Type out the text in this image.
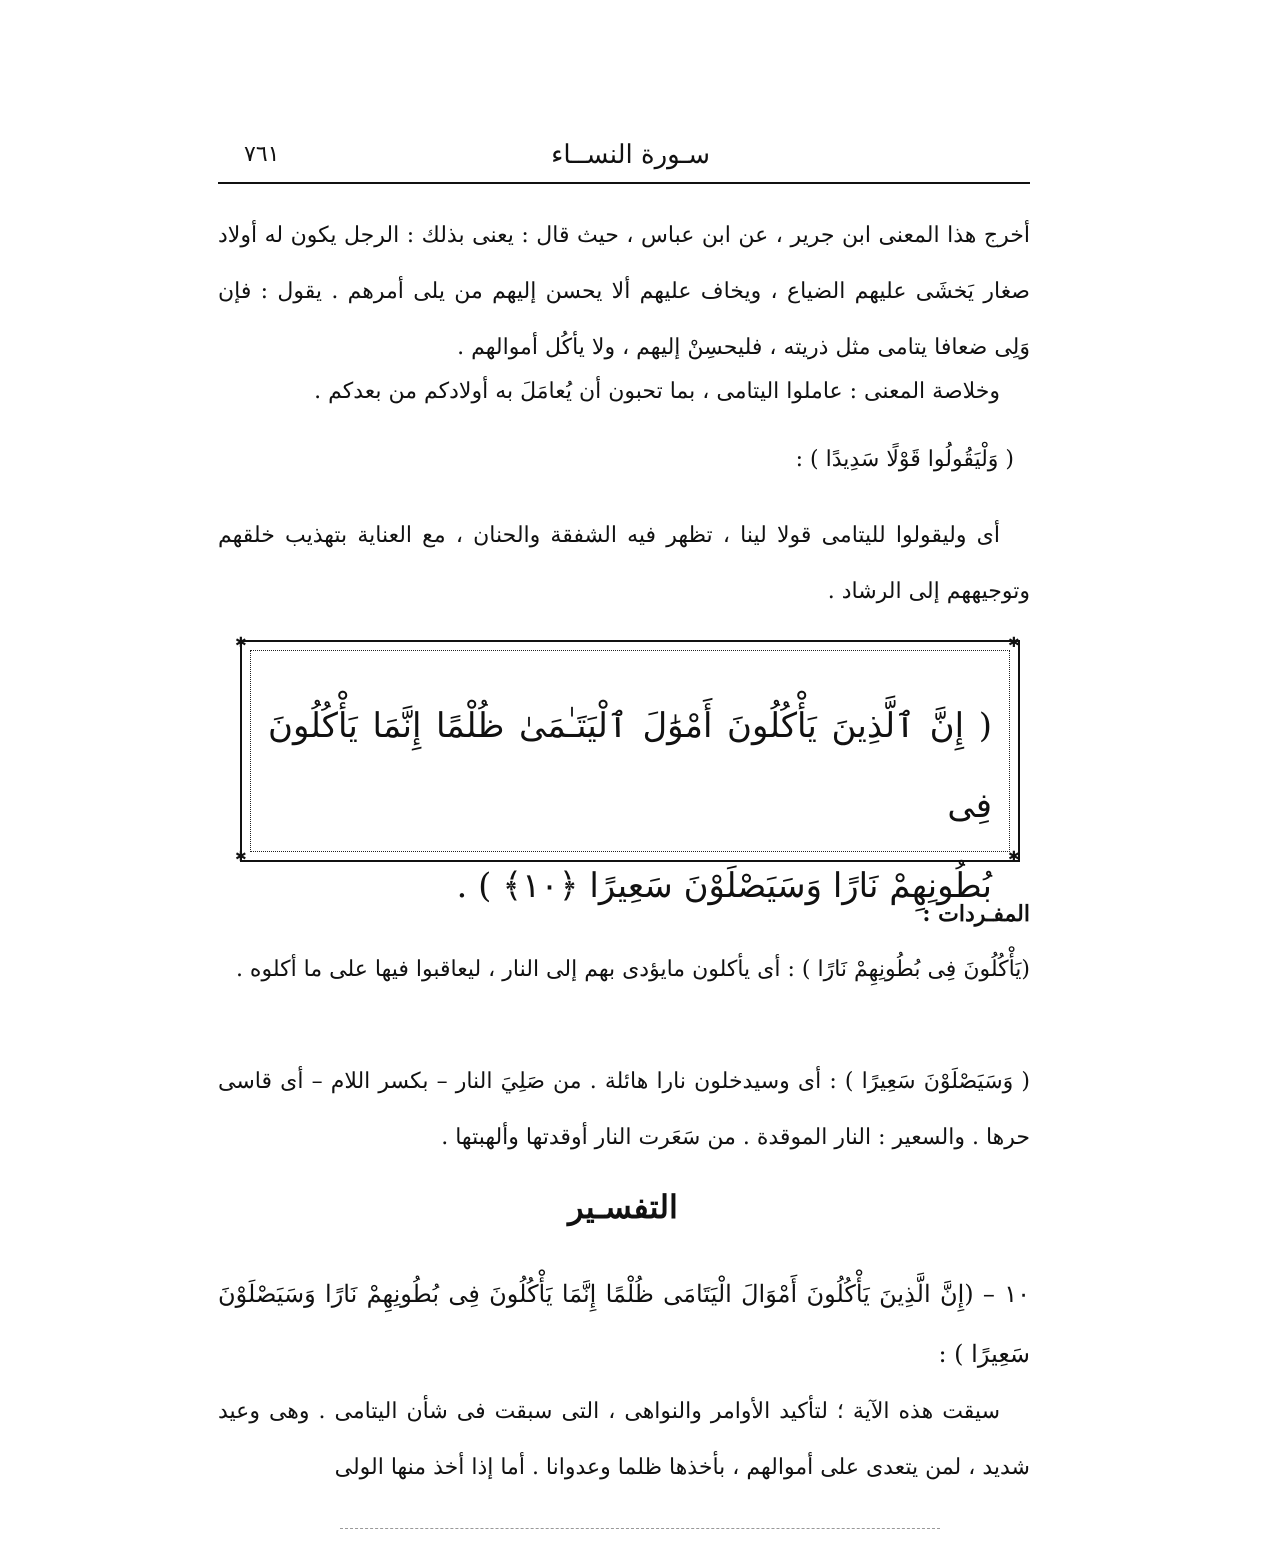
سـورة النســاء
٧٦١
أخرج هذا المعنى ابن جرير ، عن ابن عباس ، حيث قال : يعنى بذلك : الرجل يكون له أولاد صغار يَخشَى عليهم الضياع ، ويخاف عليهم ألا يحسن إليهم من يلى أمرهم . يقول : فإن وَلِى ضعافا يتامى مثل ذريته ، فليحسِنْ إليهم ، ولا يأكُل أموالهم .
وخلاصة المعنى : عاملوا اليتامى ، بما تحبون أن يُعامَلَ به أولادكم من بعدكم .
( وَلْيَقُولُوا قَوْلًا سَدِيدًا ) :
أى وليقولوا لليتامى قولا لينا ، تظهر فيه الشفقة والحنان ، مع العناية بتهذيب خلقهم وتوجيههم إلى الرشاد .
✱	✱
✱	✱
( إِنَّ ٱلَّذِينَ يَأْكُلُونَ أَمْوَٰلَ ٱلْيَتَـٰمَىٰ ظُلْمًا إِنَّمَا يَأْكُلُونَ فِى
بُطُونِهِمْ نَارًا وَسَيَصْلَوْنَ سَعِيرًا ﴿١٠﴾ ) .
المفـردات :
(يَأْكُلُونَ فِى بُطُونِهِمْ نَارًا ) : أى يأكلون مايؤدى بهم إلى النار ، ليعاقبوا فيها على ما أكلوه .
( وَسَيَصْلَوْنَ سَعِيرًا ) : أى وسيدخلون نارا هائلة . من صَلِيَ النار – بكسر اللام – أى قاسى حرها . والسعير : النار الموقدة . من سَعَرت النار أوقدتها وألهبتها .
التفسـير
١٠ – (إِنَّ الَّذِينَ يَأْكُلُونَ أَمْوَالَ الْيَتَامَى ظُلْمًا إِنَّمَا يَأْكُلُونَ فِى بُطُونِهِمْ نَارًا وَسَيَصْلَوْنَ سَعِيرًا ) :
سيقت هذه الآية ؛ لتأكيد الأوامر والنواهى ، التى سبقت فى شأن اليتامى . وهى وعيد شديد ، لمن يتعدى على أموالهم ، بأخذها ظلما وعدوانا . أما إذا أخذ منها الولى
